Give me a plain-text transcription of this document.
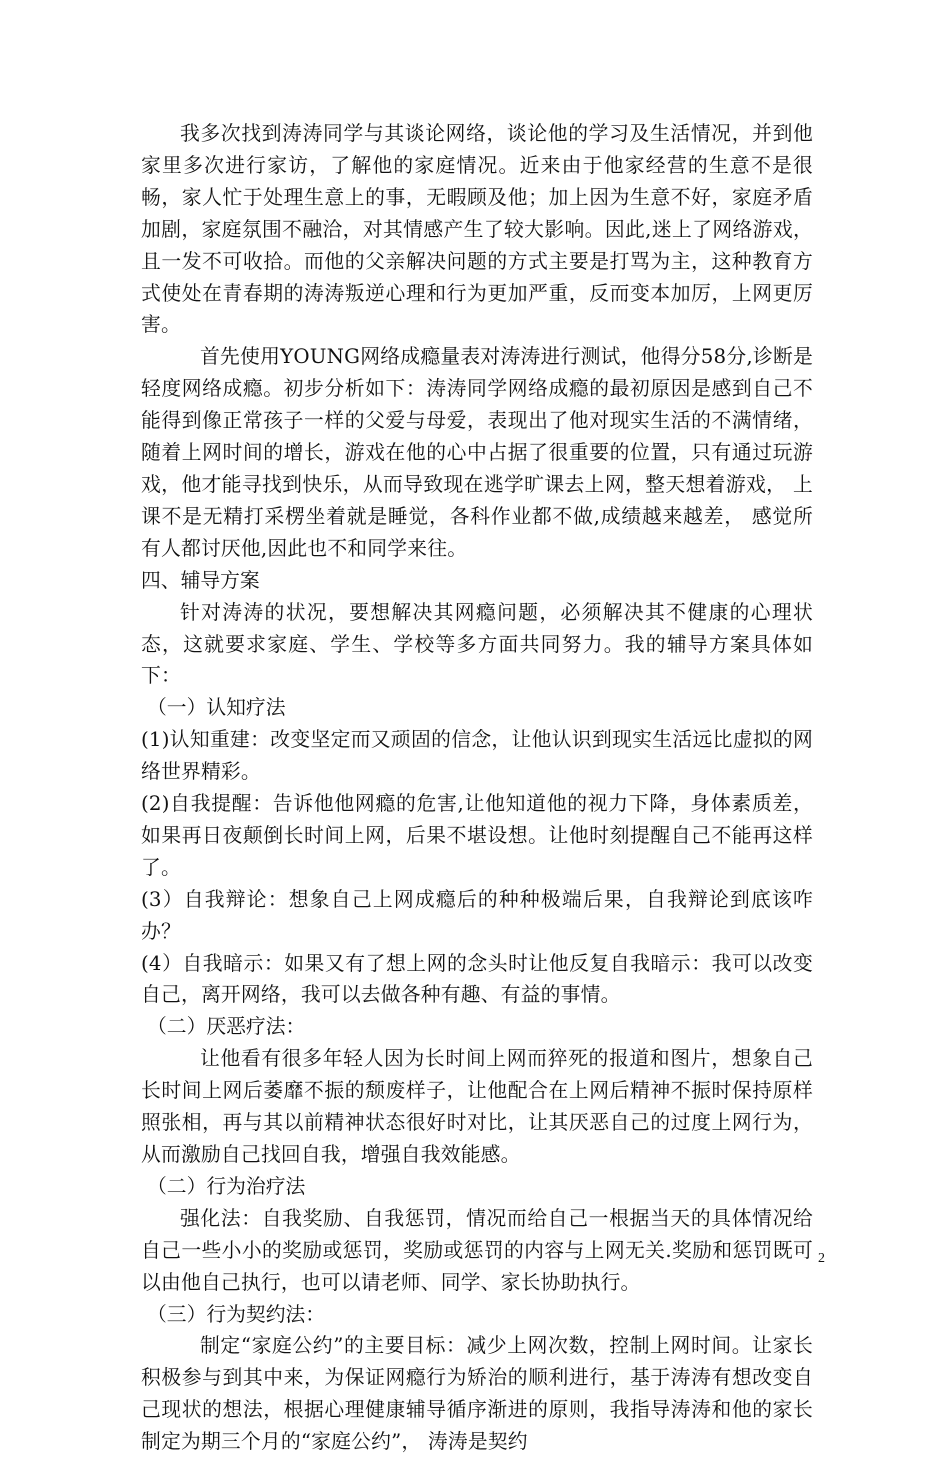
我多次找到涛涛同学与其谈论网络，谈论他的学习及生活情况，并到他家里多次进行家访，了解他的家庭情况。近来由于他家经营的生意不是很畅，家人忙于处理生意上的事，无暇顾及他；加上因为生意不好，家庭矛盾加剧，家庭氛围不融洽，对其情感产生了较大影响。因此,迷上了网络游戏，且一发不可收拾。而他的父亲解决问题的方式主要是打骂为主，这种教育方式使处在青春期的涛涛叛逆心理和行为更加严重，反而变本加厉，上网更厉害。

首先使用YOUNG网络成瘾量表对涛涛进行测试，他得分58分,诊断是轻度网络成瘾。初步分析如下：涛涛同学网络成瘾的最初原因是感到自己不能得到像正常孩子一样的父爱与母爱，表现出了他对现实生活的不满情绪，随着上网时间的增长，游戏在他的心中占据了很重要的位置，只有通过玩游戏，他才能寻找到快乐，从而导致现在逃学旷课去上网，整天想着游戏， 上课不是无精打采楞坐着就是睡觉，各科作业都不做,成绩越来越差， 感觉所有人都讨厌他,因此也不和同学来往。

四、辅导方案

针对涛涛的状况，要想解决其网瘾问题，必须解决其不健康的心理状态，这就要求家庭、学生、学校等多方面共同努力。我的辅导方案具体如下：

（一）认知疗法

(1)认知重建：改变坚定而又顽固的信念，让他认识到现实生活远比虚拟的网络世界精彩。

(2)自我提醒：告诉他他网瘾的危害,让他知道他的视力下降，身体素质差，如果再日夜颠倒长时间上网，后果不堪设想。让他时刻提醒自己不能再这样了。

(3）自我辩论：想象自己上网成瘾后的种种极端后果，自我辩论到底该咋办？

(4）自我暗示：如果又有了想上网的念头时让他反复自我暗示：我可以改变自己，离开网络，我可以去做各种有趣、有益的事情。

（二）厌恶疗法：

让他看有很多年轻人因为长时间上网而猝死的报道和图片，想象自己长时间上网后萎靡不振的颓废样子，让他配合在上网后精神不振时保持原样照张相，再与其以前精神状态很好时对比，让其厌恶自己的过度上网行为，从而激励自己找回自我，增强自我效能感。

（二）行为治疗法

强化法：自我奖励、自我惩罚，情况而给自己一根据当天的具体情况给自己一些小小的奖励或惩罚，奖励或惩罚的内容与上网无关.奖励和惩罚既可以由他自己执行，也可以请老师、同学、家长协助执行。

（三）行为契约法：

制定“家庭公约”的主要目标：减少上网次数，控制上网时间。让家长积极参与到其中来，为保证网瘾行为矫治的顺利进行，基于涛涛有想改变自己现状的想法，根据心理健康辅导循序渐进的原则，我指导涛涛和他的家长制定为期三个月的“家庭公约”， 涛涛是契约

2
